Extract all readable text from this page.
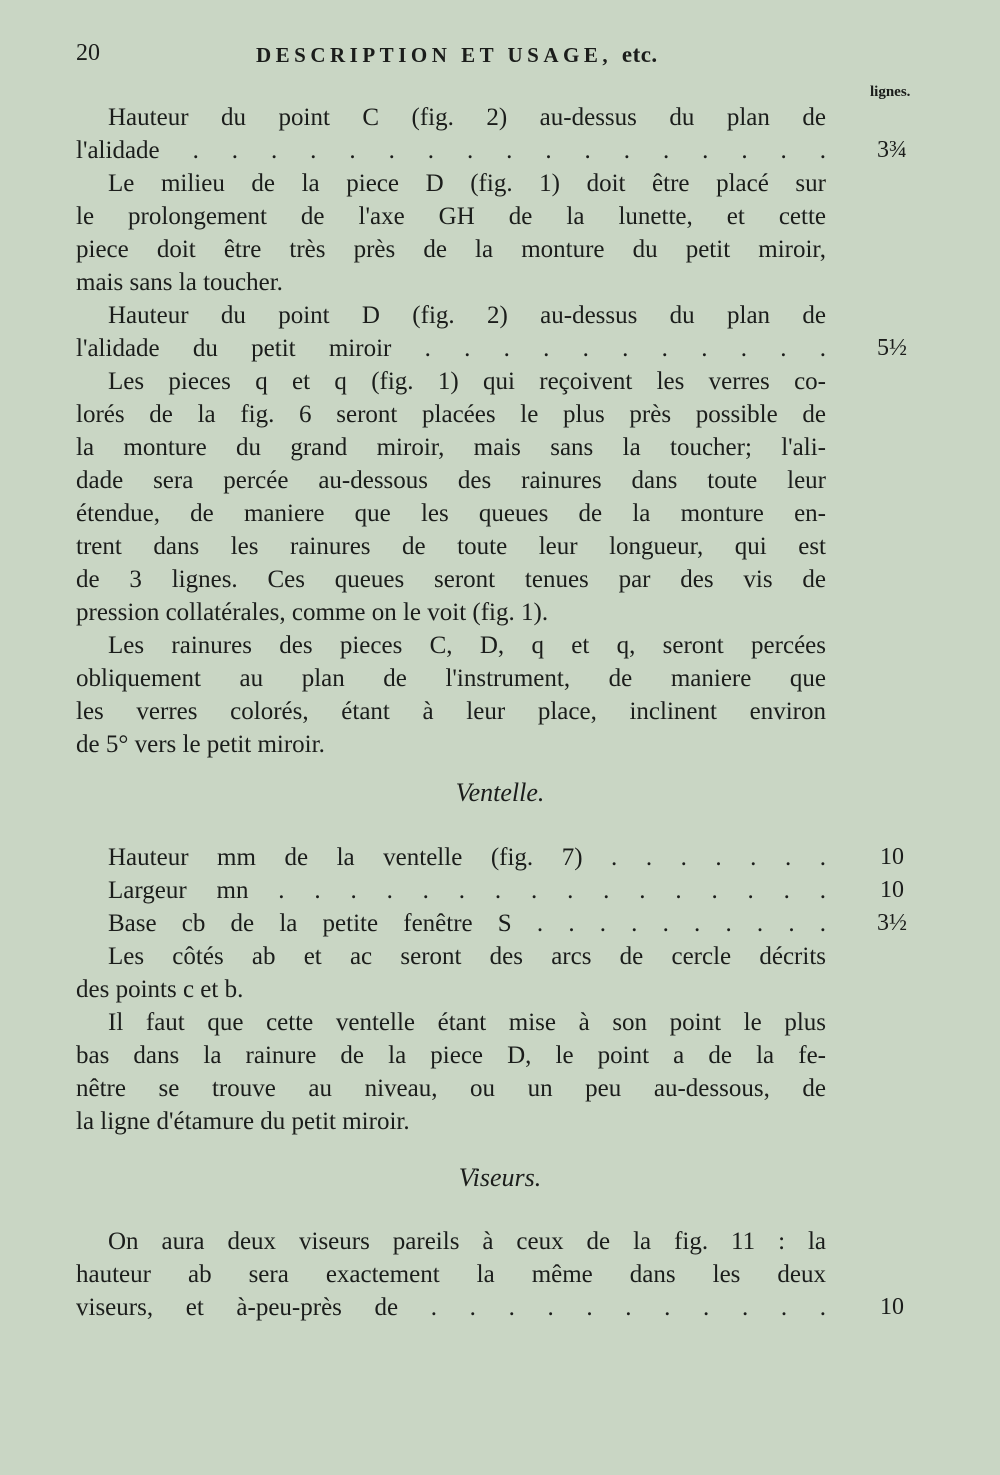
20	DESCRIPTION ET USAGE, etc.
lignes.
Hauteur du point C (fig. 2) au-dessus du plan de
l'alidade . . . . . . . . . . . . . . . . .	3¾
Le milieu de la piece D (fig. 1) doit être placé sur
le prolongement de l'axe GH de la lunette, et cette
piece doit être très près de la monture du petit miroir,
mais sans la toucher.
Hauteur du point D (fig. 2) au-dessus du plan de
l'alidade du petit miroir . . . . . . . . . . .	5½
Les pieces q et q (fig. 1) qui reçoivent les verres co-
lorés de la fig. 6 seront placées le plus près possible de
la monture du grand miroir, mais sans la toucher; l'ali-
dade sera percée au-dessous des rainures dans toute leur
étendue, de maniere que les queues de la monture en-
trent dans les rainures de toute leur longueur, qui est
de 3 lignes. Ces queues seront tenues par des vis de
pression collatérales, comme on le voit (fig. 1).
Les rainures des pieces C, D, q et q, seront percées
obliquement au plan de l'instrument, de maniere que
les verres colorés, étant à leur place, inclinent environ
de 5° vers le petit miroir.
Ventelle.
Hauteur mm de la ventelle (fig. 7) . . . . . . .	10
Largeur mn . . . . . . . . . . . . . . . .	10
Base cb de la petite fenêtre S . . . . . . . . . .	3½
Les côtés ab et ac seront des arcs de cercle décrits
des points c et b.
Il faut que cette ventelle étant mise à son point le plus
bas dans la rainure de la piece D, le point a de la fe-
nêtre se trouve au niveau, ou un peu au-dessous, de
la ligne d'étamure du petit miroir.
Viseurs.
On aura deux viseurs pareils à ceux de la fig. 11 : la
hauteur ab sera exactement la même dans les deux
viseurs, et à-peu-près de . . . . . . . . . . .	10
